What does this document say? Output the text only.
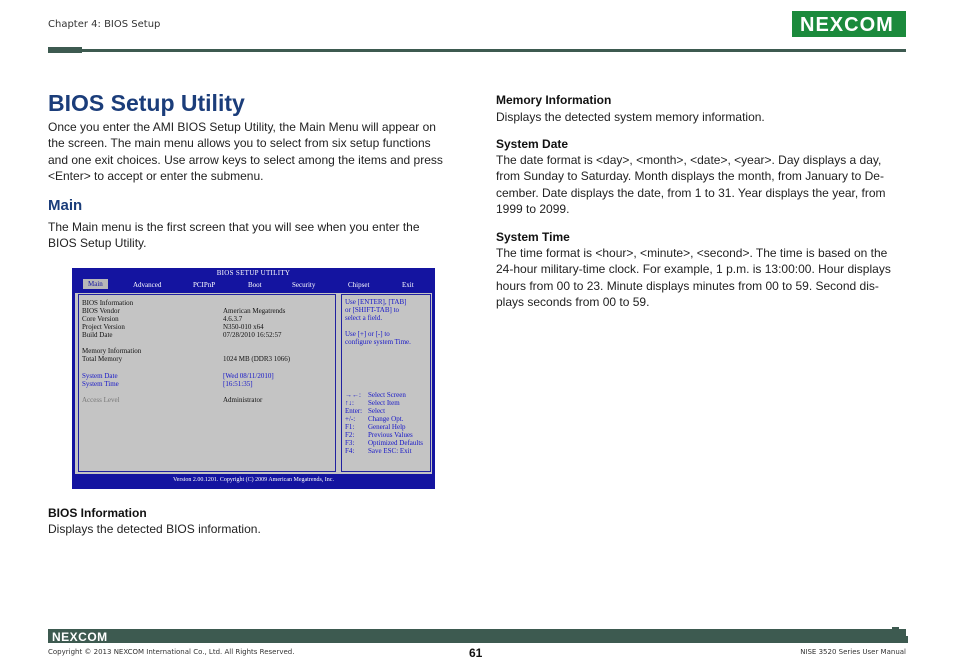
Chapter 4: BIOS Setup	NEXCOM
BIOS Setup Utility
Once you enter the AMI BIOS Setup Utility, the Main Menu will appear on
the screen. The main menu allows you to select from six setup functions
and one exit choices. Use arrow keys to select among the items and press
<Enter> to accept or enter the submenu.
Main
The Main menu is the first screen that you will see when you enter the
BIOS Setup Utility.
BIOS SETUP UTILITY
Main	Advanced	PCIPnP	Boot	Security	Chipset	Exit
BIOS Information
BIOS Vendor	American Megatrends
Core Version	4.6.3.7
Project Version	N350-010 x64
Build Date	07/28/2010 16:52:57
Memory Information
Total Memory	1024 MB (DDR3 1066)
System Date	[Wed 08/11/2010]
System Time	[16:51:35]
Access Level	Administrator
Use [ENTER], [TAB]
or [SHIFT-TAB] to
select a field.
Use [+] or [-] to
configure system Time.
→←: Select Screen
↑↓: Select Item
Enter: Select
+/-: Change Opt.
F1: General Help
F2: Previous Values
F3: Optimized Defaults
F4: Save ESC: Exit
Version 2.00.1201. Copyright (C) 2009 American Megatrends, Inc.
BIOS Information
Displays the detected BIOS information.
Memory Information
Displays the detected system memory information.
System Date
The date format is <day>, <month>, <date>, <year>. Day displays a day,
from Sunday to Saturday. Month displays the month, from January to De-
cember. Date displays the date, from 1 to 31. Year displays the year, from
1999 to 2099.
System Time
The time format is <hour>, <minute>, <second>. The time is based on the
24-hour military-time clock. For example, 1 p.m. is 13:00:00. Hour displays
hours from 00 to 23. Minute displays minutes from 00 to 59. Second dis-
plays seconds from 00 to 59.
NEXCOM
Copyright © 2013 NEXCOM International Co., Ltd. All Rights Reserved.	61	NISE 3520 Series User Manual
